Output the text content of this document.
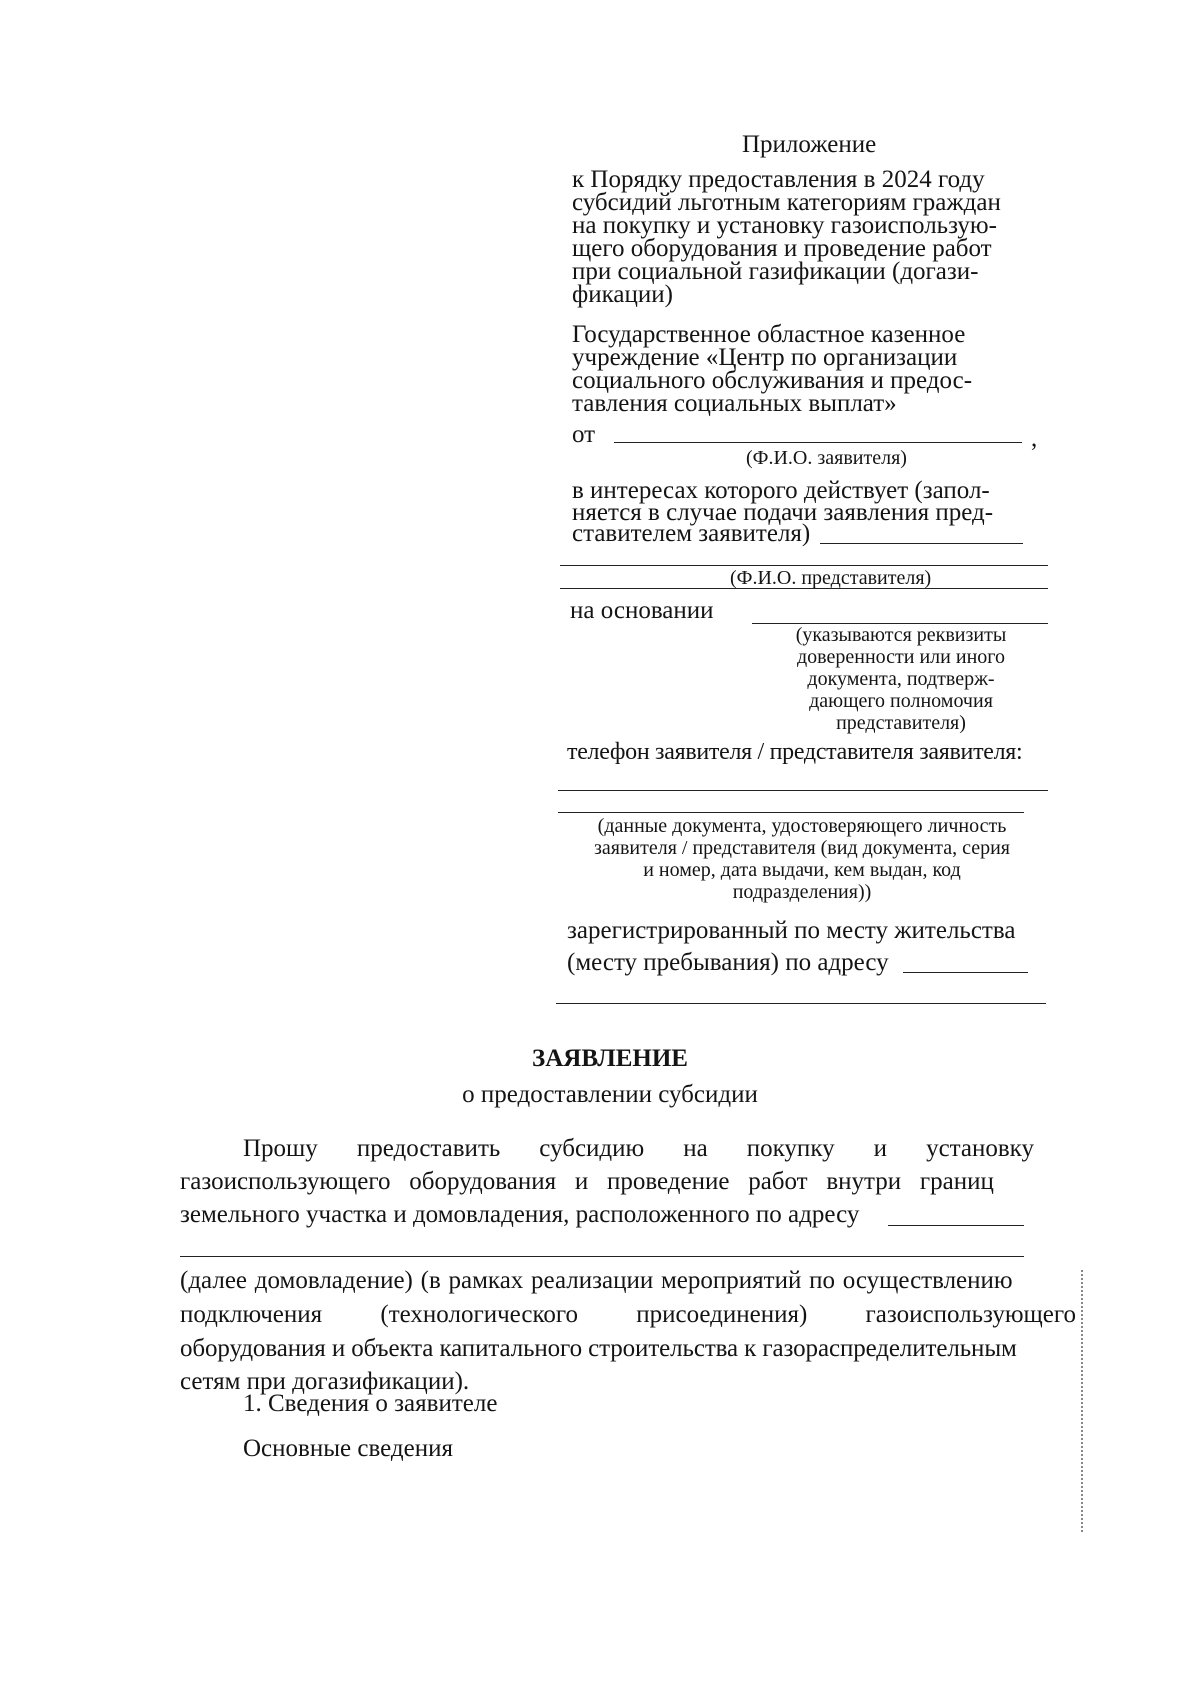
Приложение
к Порядку предоставления в 2024 году
субсидий льготным категориям граждан
на покупку и установку газоиспользую-
щего оборудования и проведение работ
при социальной газификации (догази-
фикации)
Государственное областное казенное
учреждение «Центр по организации
социального обслуживания и предос-
тавления социальных выплат»
от	,
(Ф.И.О. заявителя)
в интересах которого действует (запол-
няется в случае подачи заявления пред-
ставителем заявителя)
(Ф.И.О. представителя)
на основании
(указываются реквизиты
доверенности или иного
документа, подтверж-
дающего полномочия
представителя)
телефон заявителя / представителя заявителя:
(данные документа, удостоверяющего личность
заявителя / представителя (вид документа, серия
и номер, дата выдачи, кем выдан, код
подразделения))
зарегистрированный по месту жительства
(месту пребывания) по адресу
ЗАЯВЛЕНИЕ
о предоставлении субсидии
Прошу предоставить субсидию на покупку и установку
газоиспользующего оборудования и проведение работ внутри границ
земельного участка и домовладения, расположенного по адресу
(далее домовладение) (в рамках реализации мероприятий по осуществлению
подключения (технологического присоединения) газоиспользующего
оборудования и объекта капитального строительства к газораспределительным
сетям при догазификации).
1. Сведения о заявителе
Основные сведения
